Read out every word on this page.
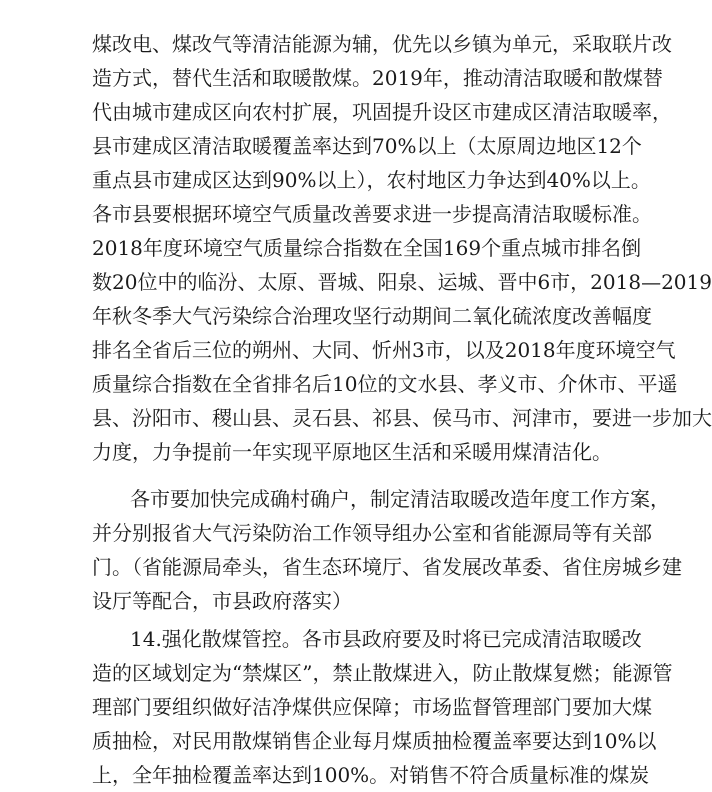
煤改电、煤改气等清洁能源为辅，优先以乡镇为单元，采取联片改
造方式，替代生活和取暖散煤。2019年，推动清洁取暖和散煤替
代由城市建成区向农村扩展，巩固提升设区市建成区清洁取暖率，
县市建成区清洁取暖覆盖率达到70%以上（太原周边地区12个
重点县市建成区达到90%以上），农村地区力争达到40%以上。
各市县要根据环境空气质量改善要求进一步提高清洁取暖标准。
2018年度环境空气质量综合指数在全国169个重点城市排名倒
数20位中的临汾、太原、晋城、阳泉、运城、晋中6市，2018—2019
年秋冬季大气污染综合治理攻坚行动期间二氧化硫浓度改善幅度
排名全省后三位的朔州、大同、忻州3市，以及2018年度环境空气
质量综合指数在全省排名后10位的文水县、孝义市、介休市、平遥
县、汾阳市、稷山县、灵石县、祁县、侯马市、河津市，要进一步加大
力度，力争提前一年实现平原地区生活和采暖用煤清洁化。
各市要加快完成确村确户，制定清洁取暖改造年度工作方案，
并分别报省大气污染防治工作领导组办公室和省能源局等有关部
门。（省能源局牵头，省生态环境厅、省发展改革委、省住房城乡建
设厅等配合，市县政府落实）
14.强化散煤管控。各市县政府要及时将已完成清洁取暖改
造的区域划定为“禁煤区”，禁止散煤进入，防止散煤复燃；能源管
理部门要组织做好洁净煤供应保障；市场监督管理部门要加大煤
质抽检，对民用散煤销售企业每月煤质抽检覆盖率要达到10%以
上，全年抽检覆盖率达到100%。对销售不符合质量标准的煤炭
